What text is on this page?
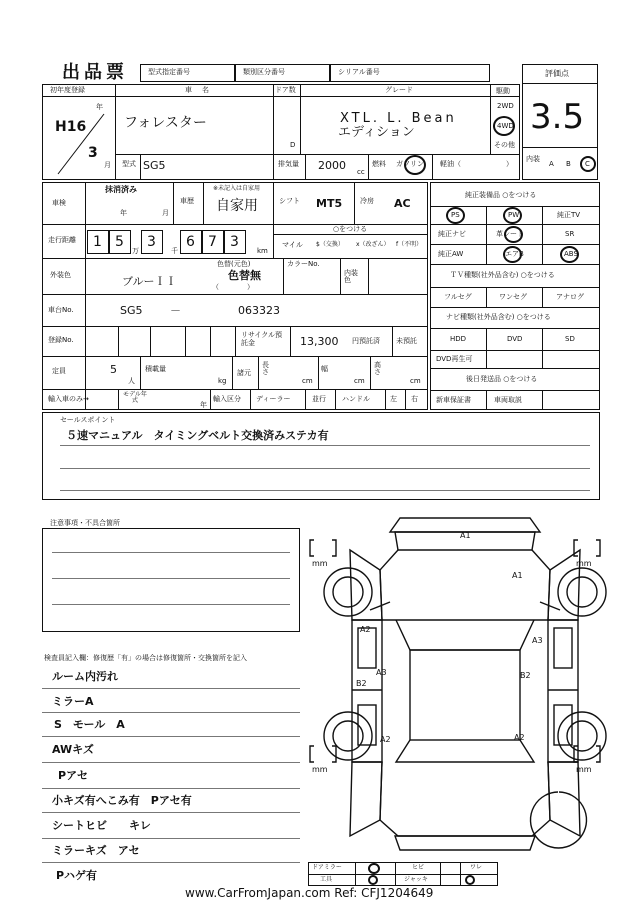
出品票	型式指定番号	類別区分番号	シリアル番号	評価点
3.5
内装
A B C
初年度登録
H16
年
3
月
車名
フォレスター
ドア数
D
グレード
XTL. L. Bean
エディション
駆動
2WD
4WD
その他
型式 SG5	排気量 2000 cc
燃料 ガソリン 軽油（	）
車検
抹消済み
年	月
車歴
※未記入は自家用
自家用	シフト MT5	冷房 AC
走行距離 1 5 3 6 7 3
万	千	km
○をつける
マイル $（交換） x（改ざん） f（不明）
外装色	ブルーＩＩ
色替(元色)
色替無
（　　　　）
カラーNo.
内装色
車台No.	SG5 －	063323
登録No.
リサイクル預託金	13,300 円預託済 未預託
定員	5
人
積載量
kg
諸元
長さ
cm
幅
cm
高さ
cm
輸入車のみ→
モデル年式
年
輸入区分 ディーラー	並行 ハンドル	左 右
純正装備品 ○をつける
PS	PW	純正TV
純正ナビ	革シート	SR
純正AW	エアB	ABS
ＴＶ種類(社外品含む) ○をつける
フルセグ	ワンセグ	アナログ
ナビ種類(社外品含む) ○をつける
HDD	DVD	SD
DVD再生可
後日発送品 ○をつける
新車保証書	車両取説
セールスポイント
５速マニュアル　タイミングベルト交換済みステカ有
注意事項・不具合箇所
検査員記入欄：修復歴「有」の場合は修復箇所・交換箇所を記入
ルーム内汚れ
ミラーA
S　モール　A
AWキズ
Pアセ
小キズ有へこみ有　Pアセ有
シートヒビ　　キレ
ミラーキズ　アセ
Pハゲ有
A1
A1
A2
A3
A3
B2
B2
A2	A2
mm	mm
mm	mm
ドアミラー	ヒビ	ワレ
工具	ジャッキ
www.CarFromJapan.com Ref: CFJ1204649
